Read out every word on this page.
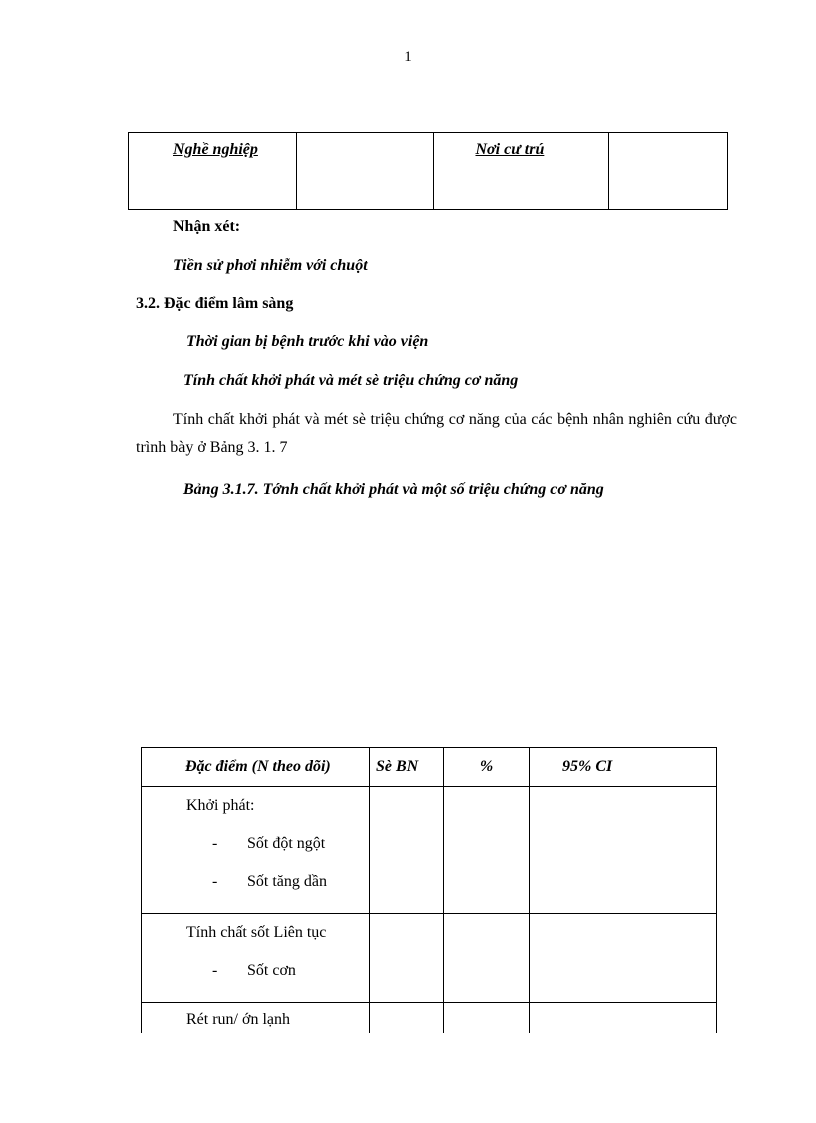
1
Nghề nghiệp		Nơi cư trú

Nhận xét:
Tiền sử phơi nhiễm với chuột
3.2. Đặc điểm lâm sàng
Thời gian bị bệnh trước khi vào viện
Tính chất khởi phát và mét sè triệu chứng cơ năng
Tính chất khởi phát và mét sè triệu chứng cơ năng của các bệnh nhân nghiên cứu được trình bày ở Bảng 3. 1. 7
Bảng 3.1.7. Tớnh chất khởi phát và một số triệu chứng cơ năng
Đặc điểm (N theo dõi)	Sè BN	%	95% CI

Khởi phát:
- Sốt đột ngột
- Sốt tăng dần			

Tính chất sốt Liên tục
- Sốt cơn			

Rét run/ ớn lạnh			
